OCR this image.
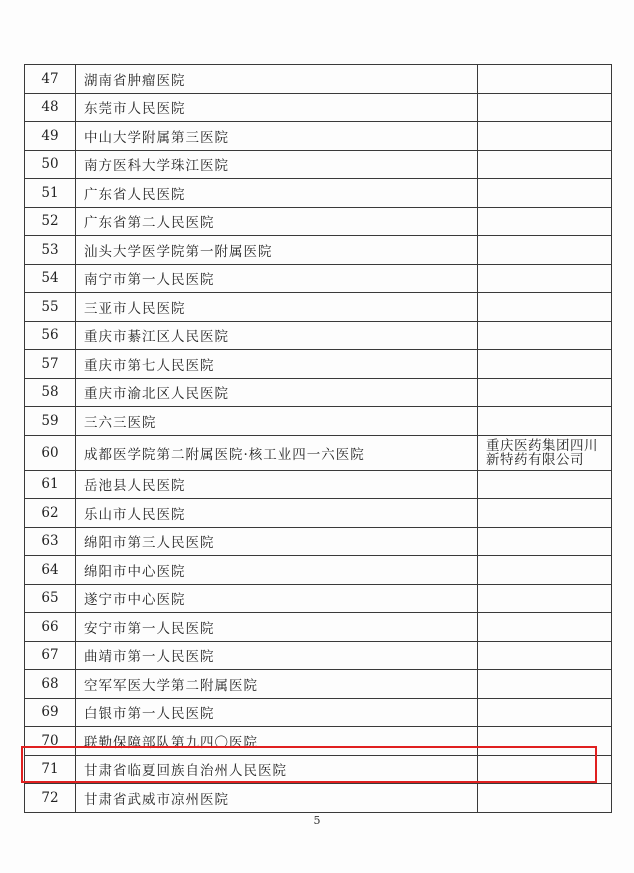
47	湖南省肿瘤医院	
48	东莞市人民医院	
49	中山大学附属第三医院	
50	南方医科大学珠江医院	
51	广东省人民医院	
52	广东省第二人民医院	
53	汕头大学医学院第一附属医院	
54	南宁市第一人民医院	
55	三亚市人民医院	
56	重庆市綦江区人民医院	
57	重庆市第七人民医院	
58	重庆市渝北区人民医院	
59	三六三医院	
60	成都医学院第二附属医院·核工业四一六医院	重庆医药集团四川新特药有限公司
61	岳池县人民医院	
62	乐山市人民医院	
63	绵阳市第三人民医院	
64	绵阳市中心医院	
65	遂宁市中心医院	
66	安宁市第一人民医院	
67	曲靖市第一人民医院	
68	空军军医大学第二附属医院	
69	白银市第一人民医院	
70	联勤保障部队第九四〇医院	
71	甘肃省临夏回族自治州人民医院	
72	甘肃省武威市凉州医院	
5
